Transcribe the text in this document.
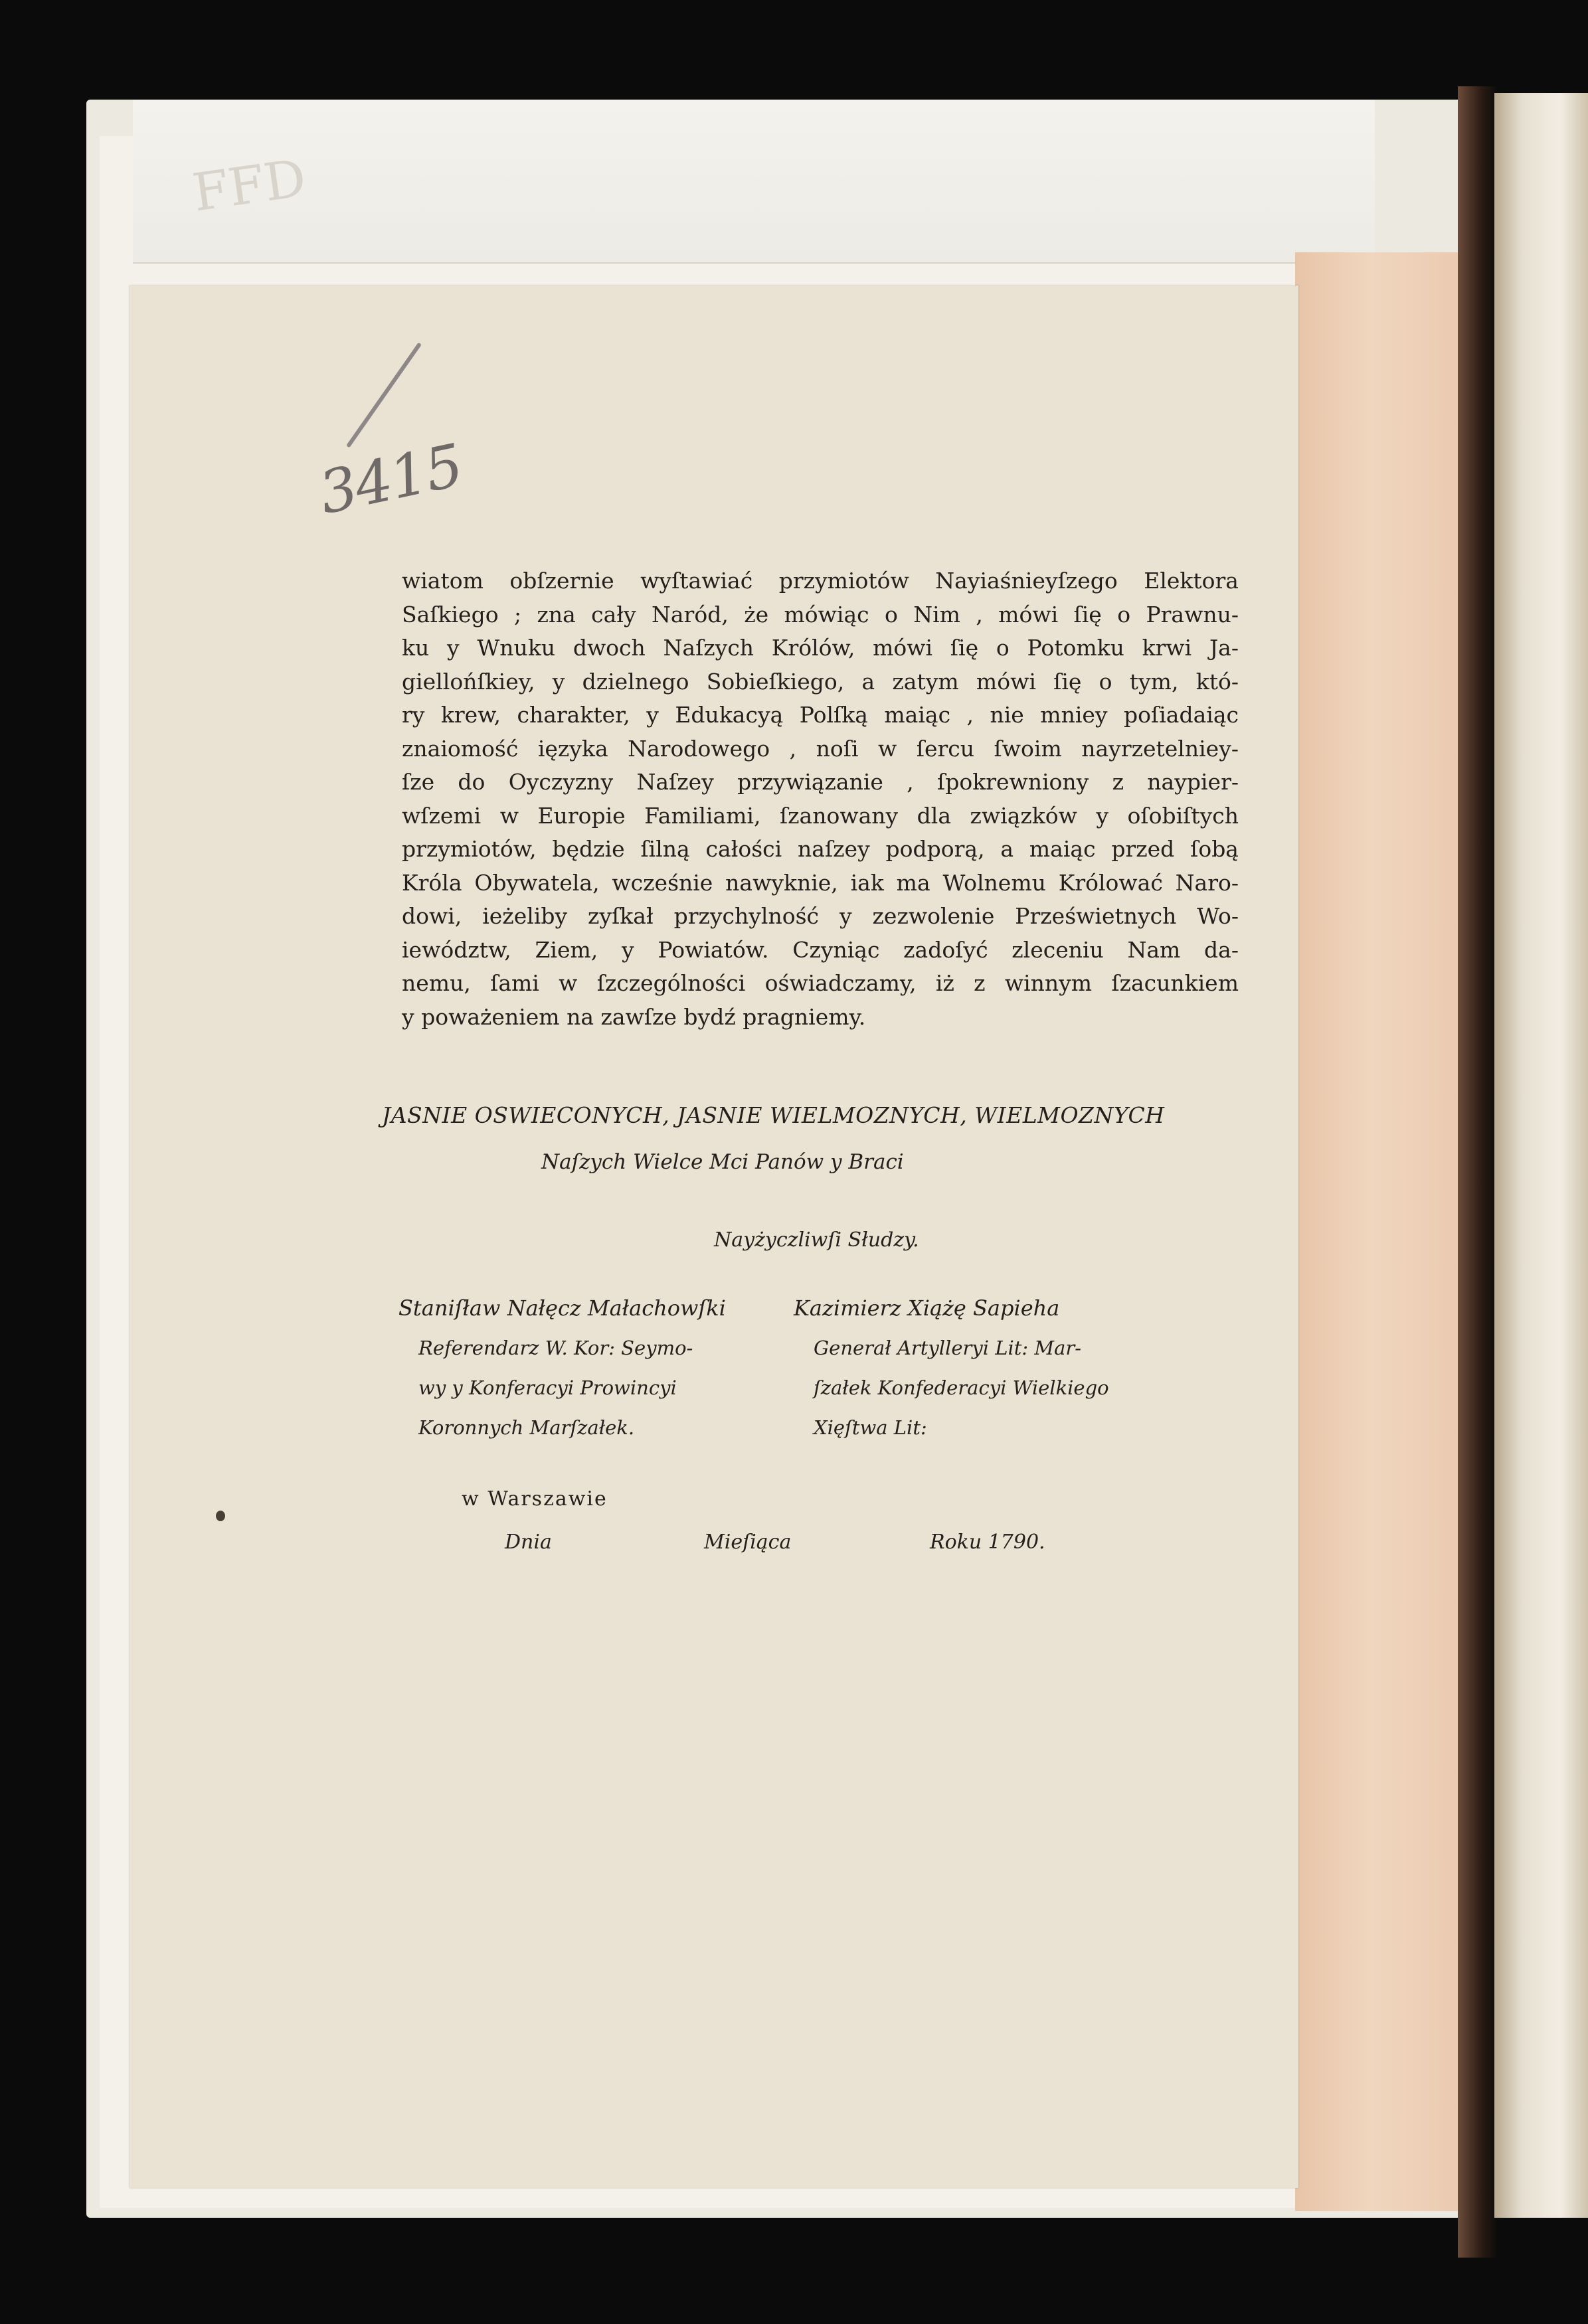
FFD
3415
wiatom obſzernie wyſtawiać przymiotów Nayiaśnieyſzego Elektora
Saſkiego ; zna cały Naród, że mówiąc o Nim , mówi ſię o Prawnu-
ku y Wnuku dwoch Naſzych Królów, mówi ſię o Potomku krwi Ja-
giellońſkiey, y dzielnego Sobieſkiego, a zatym mówi ſię o tym, któ-
ry krew, charakter, y Edukacyą Polſką maiąc , nie mniey poſiadaiąc
znaiomość ięzyka Narodowego , noſi w ſercu ſwoim nayrzetelniey-
ſze do Oyczyzny Naſzey przywiązanie , ſpokrewniony z naypier-
wſzemi w Europie Familiami, ſzanowany dla związków y oſobiſtych
przymiotów, będzie ſilną całości naſzey podporą, a maiąc przed ſobą
Króla Obywatela, wcześnie nawyknie, iak ma Wolnemu Królować Naro-
dowi, ieżeliby zyſkał przychylność y zezwolenie Prześwietnych Wo-
iewództw, Ziem, y Powiatów. Czyniąc zadoſyć zleceniu Nam da-
nemu, ſami w ſzczególności oświadczamy, iż z winnym ſzacunkiem
y poważeniem na zawſze bydź pragniemy.
JASNIE OSWIECONYCH, JASNIE WIELMOZNYCH, WIELMOZNYCH
Naſzych Wielce Mci Panów y Braci
Nayżyczliwſi Słudzy.
Staniſław Nałęcz Małachowſki
Referendarz W. Kor: Seymo-
wy y Konferacyi Prowincyi
Koronnych Marſzałek.
Kazimierz Xiążę Sapieha
Generał Artylleryi Lit: Mar-
ſzałek Konfederacyi Wielkiego
Xięſtwa Lit:
w Warszawie
Dnia	Mieſiąca	Roku 1790.
